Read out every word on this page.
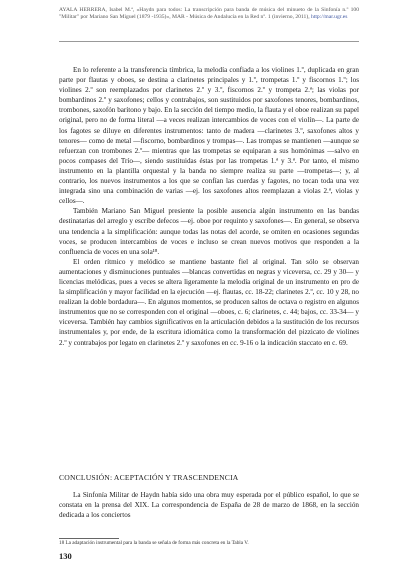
AYALA HERRERA, Isabel M.ª, «Haydn para todos: La transcripción para banda de música del minueto de la Sinfonía n.º 100 "Militar" por Mariano San Miguel (1879 -1935)», MAR - Música de Andalucía en la Red nº. 1 (invierno, 2011), http://mar.ugr.es

En lo referente a la transferencia tímbrica, la melodía confiada a los violines 1.º, duplicada en gran parte por flautas y oboes, se destina a clarinetes principales y 1.º, trompetas 1.º y fiscornos 1.º; los violines 2.º son reemplazados por clarinetes 2.º y 3.º, fiscornos 2.º y trompeta 2.ª; las violas por bombardinos 2.º y saxofones; cellos y contrabajos, son sustituidos por saxofones tenores, bombardinos, trombones, saxofón barítono y bajo. En la sección del tiempo medio, la flauta y el oboe realizan su papel original, pero no de forma literal —a veces realizan intercambios de voces con el violín—. La parte de los fagotes se diluye en diferentes instrumentos: tanto de madera —clarinetes 3.º, saxofones altos y tenores— como de metal —fiscorno, bombardinos y trompas—. Las trompas se mantienen —aunque se refuerzan con trombones 2.º— mientras que las trompetas se equiparan a sus homónimas —salvo en pocos compases del Trío—, siendo sustituidas éstas por las trompetas 1.ª y 3.ª. Por tanto, el mismo instrumento en la plantilla orquestal y la banda no siempre realiza su parte —trompetas—; y, al contrario, los nuevos instrumentos a los que se confían las cuerdas y fagotes, no tocan toda una vez integrada sino una combinación de varias —ej. los saxofones altos reemplazan a violas 2.ª, violas y cellos—.

También Mariano San Miguel presiente la posible ausencia algún instrumento en las bandas destinatarias del arreglo y escribe defecos —ej. oboe por requinto y saxofones—. En general, se observa una tendencia a la simplificación: aunque todas las notas del acorde, se omiten en ocasiones segundas voces, se producen intercambios de voces e incluso se crean nuevos motivos que responden a la confluencia de voces en una sola¹⁸.

El orden rítmico y melódico se mantiene bastante fiel al original. Tan sólo se observan aumentaciones y disminuciones puntuales —blancas convertidas en negras y viceversa, cc. 29 y 30— y licencias melódicas, pues a veces se altera ligeramente la melodía original de un instrumento en pro de la simplificación y mayor facilidad en la ejecución —ej. flautas, cc. 18-22; clarinetes 2.º, cc. 10 y 28, no realizan la doble bordadura—. En algunos momentos, se producen saltos de octava o registro en algunos instrumentos que no se corresponden con el original —oboes, c. 6; clarinetes, c. 44; bajos, cc. 33-34— y viceversa. También hay cambios significativos en la articulación debidos a la sustitución de los recursos instrumentales y, por ende, de la escritura idiomática como la transformación del pizzicato de violines 2.º y contrabajos por legato en clarinetes 2.º y saxofones en cc. 9-16 o la indicación staccato en c. 69.

CONCLUSIÓN: ACEPTACIÓN Y TRASCENDENCIA

La Sinfonía Militar de Haydn había sido una obra muy esperada por el público español, lo que se constata en la prensa del XIX. La correspondencia de España de 28 de marzo de 1868, en la sección dedicada a los conciertos

18 La adaptación instrumental para la banda se señala de forma más concreta en la Tabla V.
130
